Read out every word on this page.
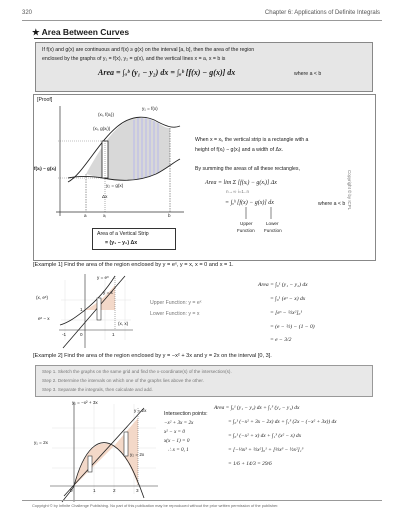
320	Chapter 6: Applications of Definite Integrals
★ Area Between Curves
If f(x) and g(x) are continuous and f(x) ≥ g(x) on the interval [a, b], then the area of the region
enclosed by the graphs of y₁ = f(x), y₂ = g(x), and the vertical lines x = a, x = b is
Area = ∫ₐᵇ (y₁ − y₂) dx = ∫ₐᵇ [f(x) − g(x)] dx	where a < b
[Proof]
(xᵢ, f(xᵢ))
(xᵢ, g(xᵢ))
f(xᵢ) − g(xᵢ)
y₁ = f(x)
y₂ = g(x)
Δx
a	xᵢ	b
Area of a Vertical Strip
= (y₁ − y₂) Δx
When x = xᵢ, the vertical strip is a rectangle with a
height of f(xᵢ) − g(xᵢ) and a width of Δx.
By summing the areas of all these rectangles,
Area = lim Σ [f(xᵢ) − g(xᵢ)] Δx
n→∞ i=1..n
= ∫ₐᵇ [f(x) − g(x)] dx	where a < b
Upper
Function
Lower
Function
Copyright © by ICPL
[Example 1] Find the area of the region enclosed by y = eˣ, y = x, x = 0 and x = 1.
y = eˣ
y = x
(x, eˣ)
(x, x)
eˣ − x
-1
1
0	1
Upper Function: y = eˣ
Lower Function: y = x
Area = ∫₀¹ (y₁ − y₂) dx
= ∫₀¹ (eˣ − x) dx
= [eˣ − ½x²]₀¹
= (e − ½) − (1 − 0)
= e − 3/2
[Example 2] Find the area of the region enclosed by y = −x² + 3x and y = 2x on the interval [0, 3].
Step 1. Sketch the graphs on the same grid and find the x-coordinate(s) of the intersection(s).
Step 2. Determine the intervals on which one of the graphs lies above the other.
Step 3. Separate the integrals, then calculate and add.
y₁ = −x² + 3x
y = 2x
y₁ = 2x
y₂ = 2x
0	1	2	3
Intersection points:
−x² + 3x = 2x
x² − x = 0
x(x − 1) = 0
∴ x = 0, 1
Area = ∫₀¹ (y₁ − y₂) dx + ∫₁³ (y₂ − y₁) dx
= ∫₀¹ (−x² + 3x − 2x) dx + ∫₁³ (2x − (−x² + 3x)) dx
= ∫₀¹ (−x² + x) dx + ∫₁³ (x² − x) dx
= [−⅓x³ + ½x²]₀¹ + [⅓x³ − ½x²]₁³
= 1/6 + 14/3 = 29/6
Copyright © by Infinite Challenge Publishing. No part of this publication may be reproduced without the prior written permission of the publisher.
